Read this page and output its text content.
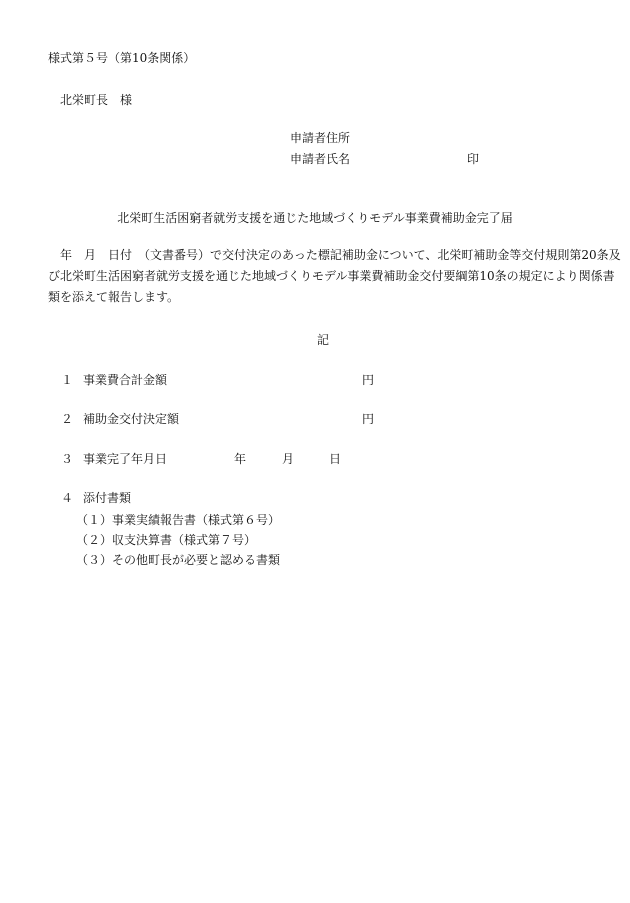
様式第５号（第10条関係）
北栄町長 様
申請者住所
申請者氏名	印
北栄町生活困窮者就労支援を通じた地域づくりモデル事業費補助金完了届
　年　月　日付　（文書番号）で交付決定のあった標記補助金について、北栄町補助金等交付規則第20条及
び北栄町生活困窮者就労支援を通じた地域づくりモデル事業費補助金交付要綱第10条の規定により関係書
類を添えて報告します。
記
１ 事業費合計金額	円
２ 補助金交付決定額	円
３ 事業完了年月日	年	月	日
４ 添付書類
（１）事業実績報告書（様式第６号）
（２）収支決算書（様式第７号）
（３）その他町長が必要と認める書類
